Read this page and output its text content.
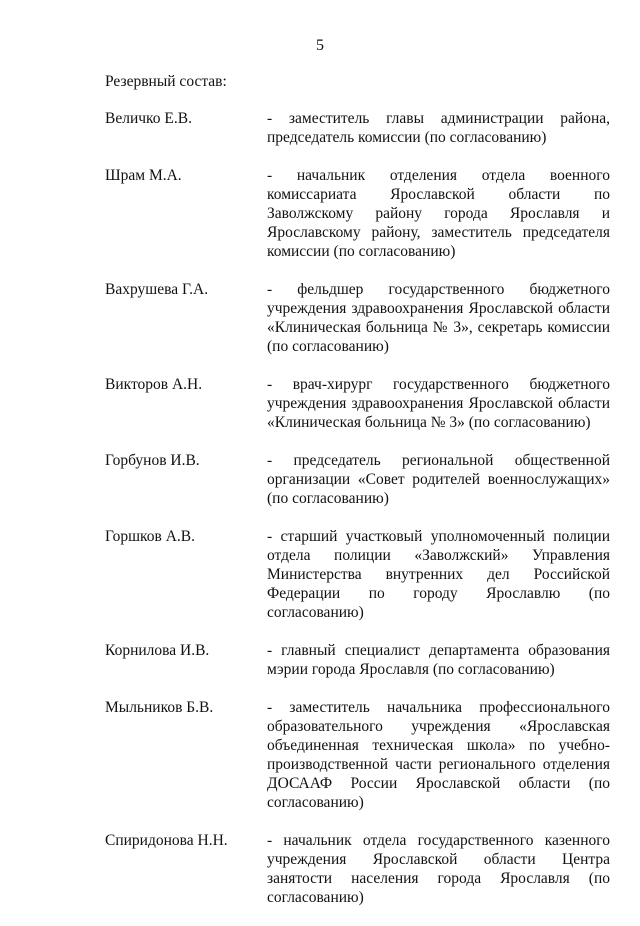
5
Резервный состав:
Величко Е.В.	- заместитель главы администрации района, председатель комиссии (по согласованию)
Шрам М.А.	- начальник отделения отдела военного комиссариата Ярославской области по Заволжскому району города Ярославля и Ярославскому району, заместитель председателя комиссии (по согласованию)
Вахрушева Г.А.	- фельдшер государственного бюджетного учреждения здравоохранения Ярославской области «Клиническая больница № 3», секретарь комиссии (по согласованию)
Викторов А.Н.	- врач-хирург государственного бюджетного учреждения здравоохранения Ярославской области «Клиническая больница № 3» (по согласованию)
Горбунов И.В.	- председатель региональной общественной организации «Совет родителей военнослужащих» (по согласованию)
Горшков А.В.	- старший участковый уполномоченный полиции отдела полиции «Заволжский» Управления Министерства внутренних дел Российской Федерации по городу Ярославлю (по согласованию)
Корнилова И.В.	- главный специалист департамента образования мэрии города Ярославля (по согласованию)
Мыльников Б.В.	- заместитель начальника профессионального образовательного учреждения «Ярославская объединенная техническая школа» по учебно-производственной части регионального отделения ДОСААФ России Ярославской области (по согласованию)
Спиридонова Н.Н.	- начальник отдела государственного казенного учреждения Ярославской области Центра занятости населения города Ярославля (по согласованию)
